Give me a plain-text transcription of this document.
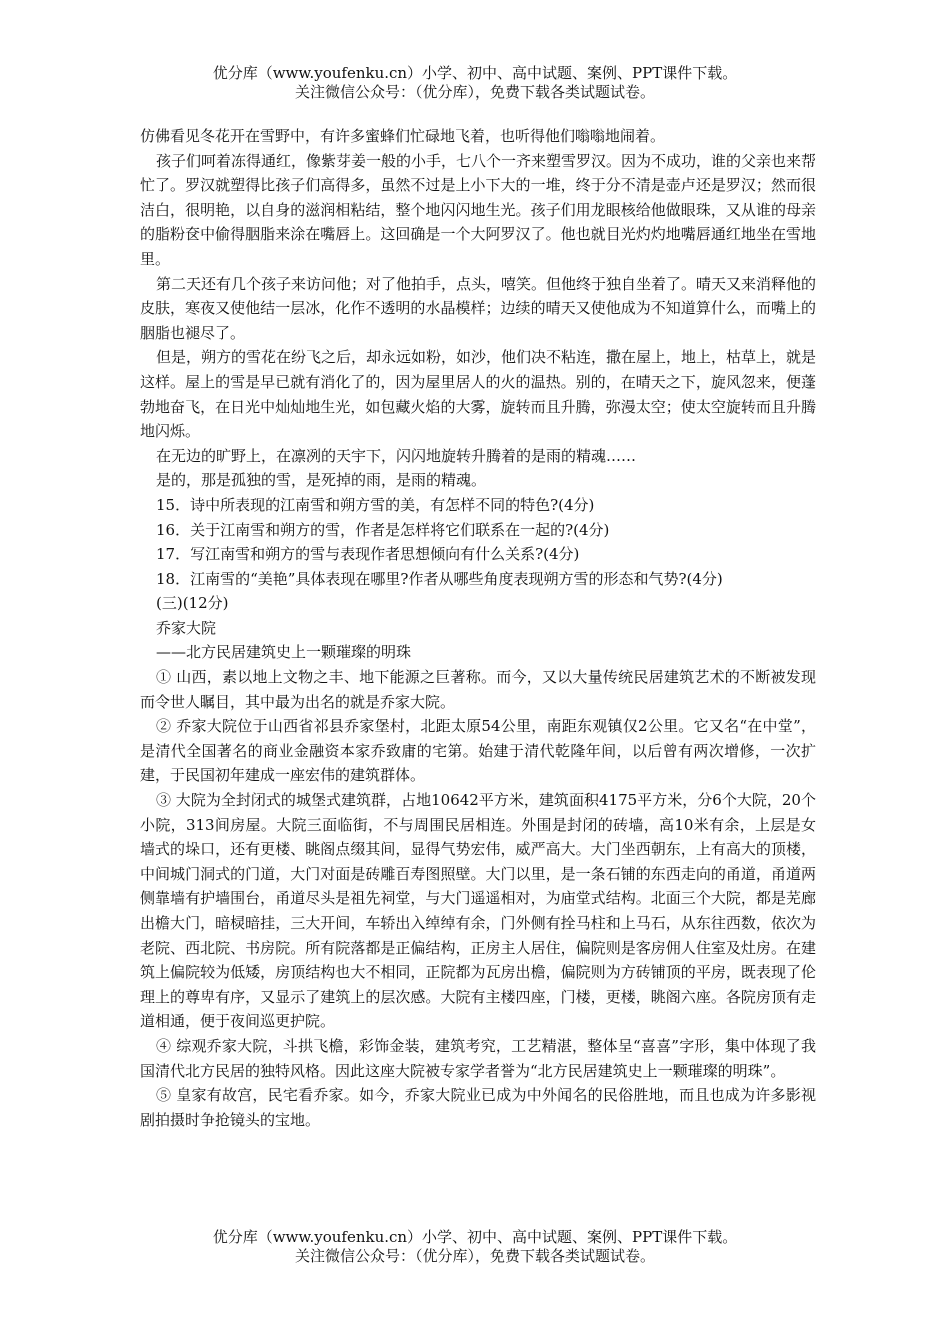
优分库（www.youfenku.cn）小学、初中、高中试题、案例、PPT课件下载。
关注微信公众号：（优分库），免费下载各类试题试卷。

仿佛看见冬花开在雪野中，有许多蜜蜂们忙碌地飞着，也听得他们嗡嗡地闹着。

孩子们呵着冻得通红，像紫芽姜一般的小手，七八个一齐来塑雪罗汉。因为不成功，谁的父亲也来帮忙了。罗汉就塑得比孩子们高得多，虽然不过是上小下大的一堆，终于分不清是壶卢还是罗汉；然而很洁白，很明艳，以自身的滋润相粘结，整个地闪闪地生光。孩子们用龙眼核给他做眼珠，又从谁的母亲的脂粉奁中偷得胭脂来涂在嘴唇上。这回确是一个大阿罗汉了。他也就目光灼灼地嘴唇通红地坐在雪地里。

第二天还有几个孩子来访问他；对了他拍手，点头，嘻笑。但他终于独自坐着了。晴天又来消释他的皮肤，寒夜又使他结一层冰，化作不透明的水晶模样；边续的晴天又使他成为不知道算什么，而嘴上的胭脂也褪尽了。

但是，朔方的雪花在纷飞之后，却永远如粉，如沙，他们决不粘连，撒在屋上，地上，枯草上，就是这样。屋上的雪是早已就有消化了的，因为屋里居人的火的温热。别的，在晴天之下，旋风忽来，便蓬勃地奋飞，在日光中灿灿地生光，如包藏火焰的大雾，旋转而且升腾，弥漫太空；使太空旋转而且升腾地闪烁。

在无边的旷野上，在凛冽的天宇下，闪闪地旋转升腾着的是雨的精魂……

是的，那是孤独的雪，是死掉的雨，是雨的精魂。

15．诗中所表现的江南雪和朔方雪的美，有怎样不同的特色?(4分)

16．关于江南雪和朔方的雪，作者是怎样将它们联系在一起的?(4分)

17．写江南雪和朔方的雪与表现作者思想倾向有什么关系?(4分)

18．江南雪的“美艳”具体表现在哪里?作者从哪些角度表现朔方雪的形态和气势?(4分)

(三)(12分)

乔家大院

——北方民居建筑史上一颗璀璨的明珠

① 山西，素以地上文物之丰、地下能源之巨著称。而今，又以大量传统民居建筑艺术的不断被发现而令世人瞩目，其中最为出名的就是乔家大院。

② 乔家大院位于山西省祁县乔家堡村，北距太原54公里，南距东观镇仅2公里。它又名“在中堂”，是清代全国著名的商业金融资本家乔致庸的宅第。始建于清代乾隆年间，以后曾有两次增修，一次扩建，于民国初年建成一座宏伟的建筑群体。

③ 大院为全封闭式的城堡式建筑群，占地10642平方米，建筑面积4175平方米，分6个大院，20个小院，313间房屋。大院三面临街，不与周围民居相连。外围是封闭的砖墙，高10米有余，上层是女墙式的垛口，还有更楼、眺阁点缀其间，显得气势宏伟，威严高大。大门坐西朝东，上有高大的顶楼，中间城门洞式的门道，大门对面是砖雕百寿图照壁。大门以里，是一条石铺的东西走向的甬道，甬道两侧靠墙有护墙围台，甬道尽头是祖先祠堂，与大门遥遥相对，为庙堂式结构。北面三个大院，都是芜廊出檐大门，暗棂暗挂，三大开间，车轿出入绰绰有余，门外侧有拴马柱和上马石，从东往西数，依次为老院、西北院、书房院。所有院落都是正偏结构，正房主人居住，偏院则是客房佣人住室及灶房。在建筑上偏院较为低矮，房顶结构也大不相同，正院都为瓦房出檐，偏院则为方砖铺顶的平房，既表现了伦理上的尊卑有序，又显示了建筑上的层次感。大院有主楼四座，门楼，更楼，眺阁六座。各院房顶有走道相通，便于夜间巡更护院。

④ 综观乔家大院，斗拱飞檐，彩饰金装，建筑考究，工艺精湛，整体呈“喜喜”字形，集中体现了我国清代北方民居的独特风格。因此这座大院被专家学者誉为“北方民居建筑史上一颗璀璨的明珠”。

⑤ 皇家有故宫，民宅看乔家。如今，乔家大院业已成为中外闻名的民俗胜地，而且也成为许多影视剧拍摄时争抢镜头的宝地。

优分库（www.youfenku.cn）小学、初中、高中试题、案例、PPT课件下载。
关注微信公众号：（优分库），免费下载各类试题试卷。
